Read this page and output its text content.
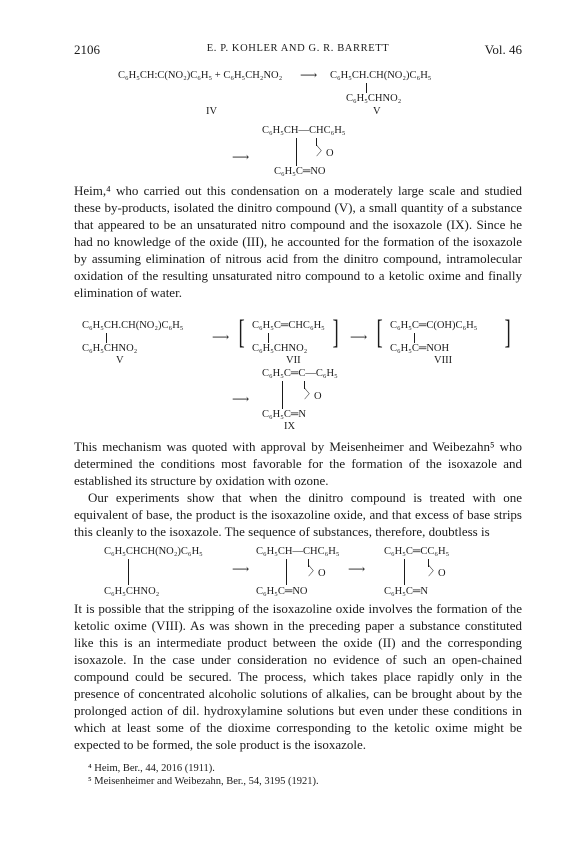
2106	E. P. KOHLER AND G. R. BARRETT	Vol. 46
C₆H₅CH:C(NO₂)C₆H₅ + C₆H₅CH₂NO₂ ⟶ C₆H₅CH.CH(NO₂)C₆H₅
C₆H₅CHNO₂
IV	V
⟶
C₆H₅CH—CHC₆H₅
〉
O
C₆H₅C═NO

Heim,⁴ who carried out this condensation on a moderately large scale and studied these by-products, isolated the dinitro compound (V), a small quantity of a substance that appeared to be an unsaturated nitro compound and the isoxazole (IX). Since he had no knowledge of the oxide (III), he accounted for the formation of the isoxazole by assuming elimination of nitrous acid from the dinitro compound, intramolecular oxidation of the resulting unsaturated nitro compound to a ketolic oxime and finally elimination of water.

C₆H₅CH.CH(NO₂)C₆H₅
C₆H₅CHNO₂
V
⟶ [ C₆H₅C═CHC₆H₅
C₆H₅CHNO₂ ]
VII
⟶ [ C₆H₅C═C(OH)C₆H₅
C₆H₅C═NOH ]
VIII
⟶
C₆H₅C═C—C₆H₅
〉
O
C₆H₅C═N
IX

This mechanism was quoted with approval by Meisenheimer and Weibezahn⁵ who determined the conditions most favorable for the formation of the isoxazole and established its structure by oxidation with ozone.

Our experiments show that when the dinitro compound is treated with one equivalent of base, the product is the isoxazoline oxide, and that excess of base strips this cleanly to the isoxazole. The sequence of substances, therefore, doubtless is

C₆H₅CHCH(NO₂)C₆H₅
C₆H₅CHNO₂
⟶
C₆H₅CH—CHC₆H₅
〉
O
C₆H₅C═NO
⟶
C₆H₅C═CC₆H₅
〉
O
C₆H₅C═N

It is possible that the stripping of the isoxazoline oxide involves the formation of the ketolic oxime (VIII). As was shown in the preceding paper a substance constituted like this is an intermediate product between the oxide (II) and the corresponding isoxazole. In the case under consideration no evidence of such an open-chained compound could be secured. The process, which takes place rapidly only in the presence of concentrated alcoholic solutions of alkalies, can be brought about by the prolonged action of dil. hydroxylamine solutions but even under these conditions in which at least some of the dioxime corresponding to the ketolic oxime might be expected to be formed, the sole product is the isoxazole.

⁴ Heim, Ber., 44, 2016 (1911).

⁵ Meisenheimer and Weibezahn, Ber., 54, 3195 (1921).
